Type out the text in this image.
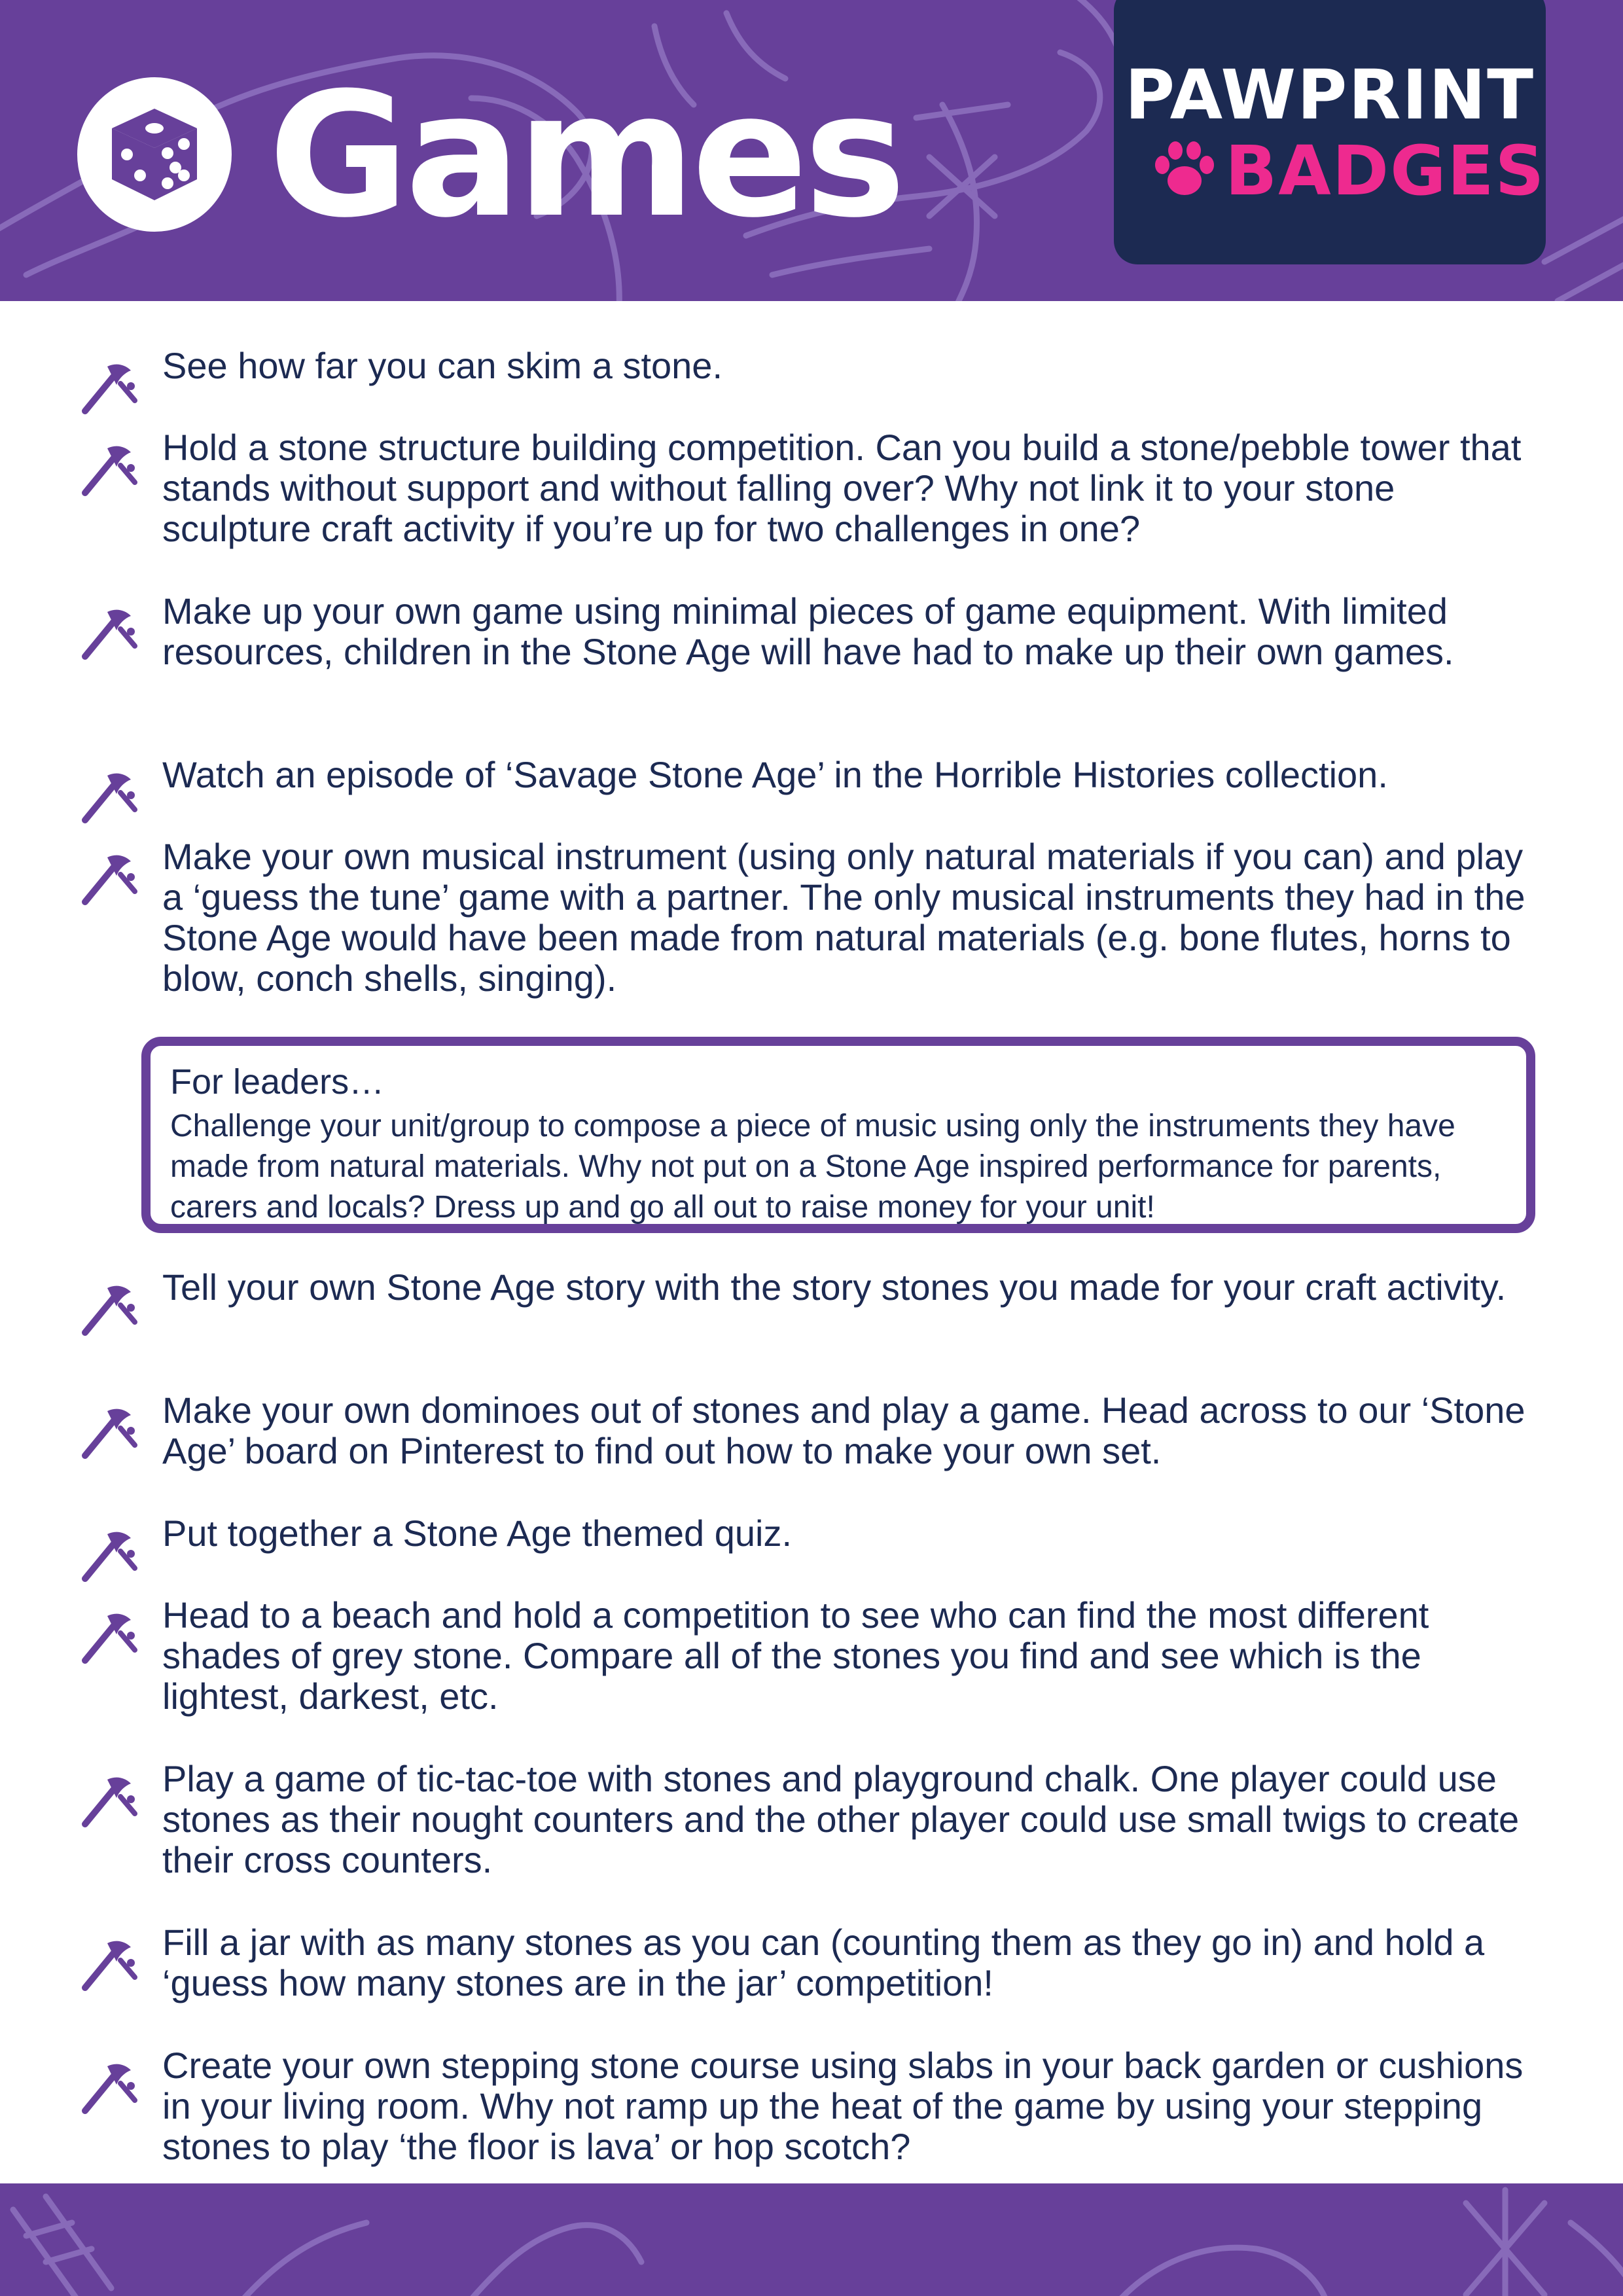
Games	PAWPRINT
BADGES
See how far you can skim a stone.
Hold a stone structure building competition. Can you build a stone/pebble tower that stands without support and without falling over? Why not link it to your stone sculpture craft activity if you’re up for two challenges in one?
Make up your own game using minimal pieces of game equipment. With limited resources, children in the Stone Age will have had to make up their own games.
Watch an episode of ‘Savage Stone Age’ in the Horrible Histories collection.
Make your own musical instrument (using only natural materials if you can) and play a ‘guess the tune’ game with a partner. The only musical instruments they had in the Stone Age would have been made from natural materials (e.g. bone flutes, horns to blow, conch shells, singing).
For leaders…
Challenge your unit/group to compose a piece of music using only the instruments they have made from natural materials. Why not put on a Stone Age inspired performance for parents, carers and locals? Dress up and go all out to raise money for your unit!
Tell your own Stone Age story with the story stones you made for your craft activity.
Make your own dominoes out of stones and play a game. Head across to our ‘Stone Age’ board on Pinterest to find out how to make your own set.
Put together a Stone Age themed quiz.
Head to a beach and hold a competition to see who can find the most different shades of grey stone. Compare all of the stones you find and see which is the lightest, darkest, etc.
Play a game of tic-tac-toe with stones and playground chalk. One player could use stones as their nought counters and the other player could use small twigs to create their cross counters.
Fill a jar with as many stones as you can (counting them as they go in) and hold a ‘guess how many stones are in the jar’ competition!
Create your own stepping stone course using slabs in your back garden or cushions in your living room. Why not ramp up the heat of the game by using your stepping stones to play ‘the floor is lava’ or hop scotch?
